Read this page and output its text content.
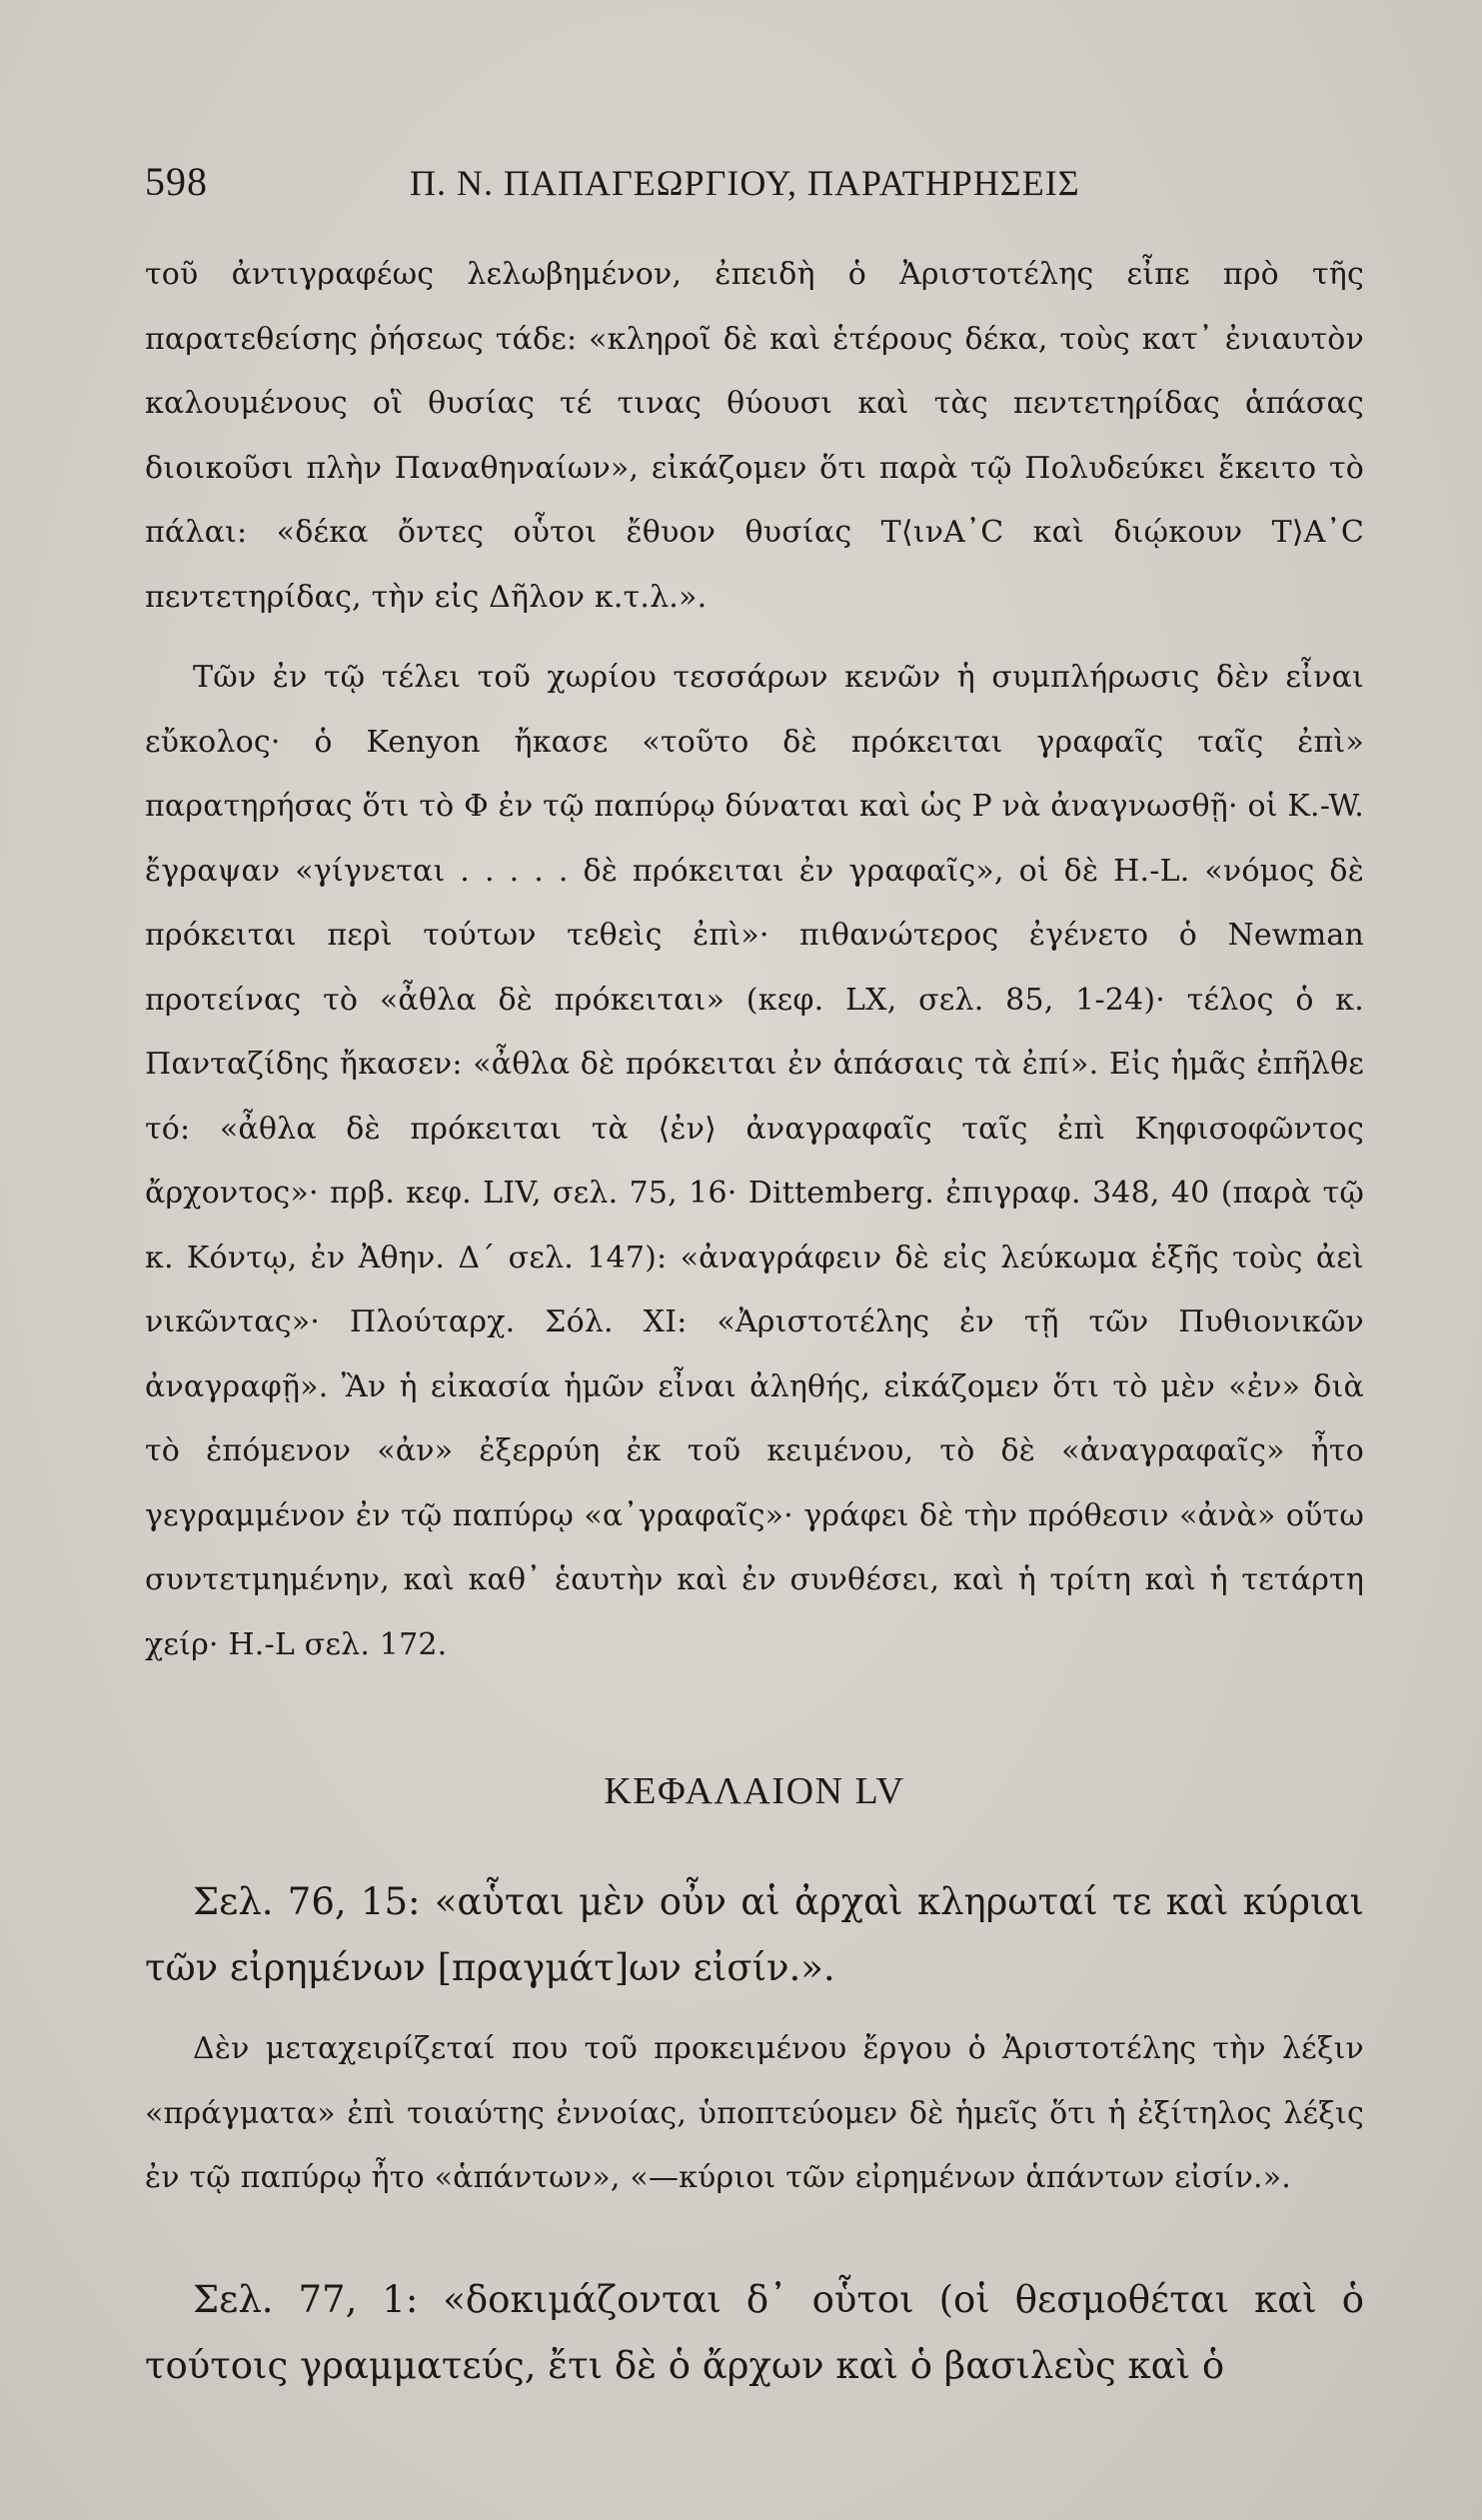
598	Π. Ν. ΠΑΠΑΓΕΩΡΓΙΟΥ, ΠΑΡΑΤΗΡΗΣΕΙΣ

τοῦ ἀντιγραφέως λελωβημένον, ἐπειδὴ ὁ Ἀριστοτέλης εἶπε πρὸ τῆς παρατεθείσης ῥήσεως τάδε: «κληροῖ δὲ καὶ ἑτέρους δέκα, τοὺς κατ᾽ ἐνιαυτὸν καλουμένους οἳ θυσίας τέ τινας θύουσι καὶ τὰς πεντετηρίδας ἁπάσας διοικοῦσι πλὴν Παναθηναίων», εἰκάζομεν ὅτι παρὰ τῷ Πολυδεύκει ἔκειτο τὸ πάλαι: «δέκα ὄντες οὗτοι ἔθυον θυσίας Τ⟨ινΑ᾽C καὶ διῴκουν Τ⟩Α᾽C πεντετηρίδας, τὴν εἰς Δῆλον κ.τ.λ.».

Τῶν ἐν τῷ τέλει τοῦ χωρίου τεσσάρων κενῶν ἡ συμπλήρωσις δὲν εἶναι εὔκολος· ὁ Kenyon ἤκασε «τοῦτο δὲ πρόκειται γραφαῖς ταῖς ἐπὶ» παρατηρήσας ὅτι τὸ Φ ἐν τῷ παπύρῳ δύναται καὶ ὡς Ρ νὰ ἀναγνωσθῇ· οἱ K.-W. ἔγραψαν «γίγνεται . . . . . δὲ πρόκειται ἐν γραφαῖς», οἱ δὲ H.-L. «νόμος δὲ πρόκειται περὶ τούτων τεθεὶς ἐπὶ»· πιθανώτερος ἐγένετο ὁ Newman προτείνας τὸ «ἆθλα δὲ πρόκειται» (κεφ. LX, σελ. 85, 1-24)· τέλος ὁ κ. Πανταζίδης ἤκασεν: «ἆθλα δὲ πρόκειται ἐν ἁπάσαις τὰ ἐπί». Εἰς ἡμᾶς ἐπῆλθε τό: «ἆθλα δὲ πρόκειται τὰ ⟨ἐν⟩ ἀναγραφαῖς ταῖς ἐπὶ Κηφισοφῶντος ἄρχοντος»· πρβ. κεφ. LIV, σελ. 75, 16· Dittemberg. ἐπιγραφ. 348, 40 (παρὰ τῷ κ. Κόντῳ, ἐν Ἀθην. Δ´ σελ. 147): «ἀναγράφειν δὲ εἰς λεύκωμα ἑξῆς τοὺς ἀεὶ νικῶντας»· Πλούταρχ. Σόλ. XI: «Ἀριστοτέλης ἐν τῇ τῶν Πυθιονικῶν ἀναγραφῇ». Ἂν ἡ εἰκασία ἡμῶν εἶναι ἀληθής, εἰκάζομεν ὅτι τὸ μὲν «ἐν» διὰ τὸ ἑπόμενον «ἀν» ἐξερρύη ἐκ τοῦ κειμένου, τὸ δὲ «ἀναγραφαῖς» ἦτο γεγραμμένον ἐν τῷ παπύρῳ «α᾽γραφαῖς»· γράφει δὲ τὴν πρόθεσιν «ἀνὰ» οὕτω συντετμημένην, καὶ καθ᾽ ἑαυτὴν καὶ ἐν συνθέσει, καὶ ἡ τρίτη καὶ ἡ τετάρτη χείρ· H.-L σελ. 172.

ΚΕΦΑΛΑΙΟΝ LV

Σελ. 76, 15: «αὗται μὲν οὖν αἱ ἀρχαὶ κληρωταί τε καὶ κύριαι τῶν εἰρημένων [πραγμάτ]ων εἰσίν.».

Δὲν μεταχειρίζεταί που τοῦ προκειμένου ἔργου ὁ Ἀριστοτέλης τὴν λέξιν «πράγματα» ἐπὶ τοιαύτης ἐννοίας, ὑποπτεύομεν δὲ ἡμεῖς ὅτι ἡ ἐξίτηλος λέξις ἐν τῷ παπύρῳ ἦτο «ἁπάντων», «—κύριοι τῶν εἰρημένων ἁπάντων εἰσίν.».

Σελ. 77, 1: «δοκιμάζονται δ᾽ οὗτοι (οἱ θεσμοθέται καὶ ὁ τούτοις γραμματεύς, ἔτι δὲ ὁ ἄρχων καὶ ὁ βασιλεὺς καὶ ὁ
